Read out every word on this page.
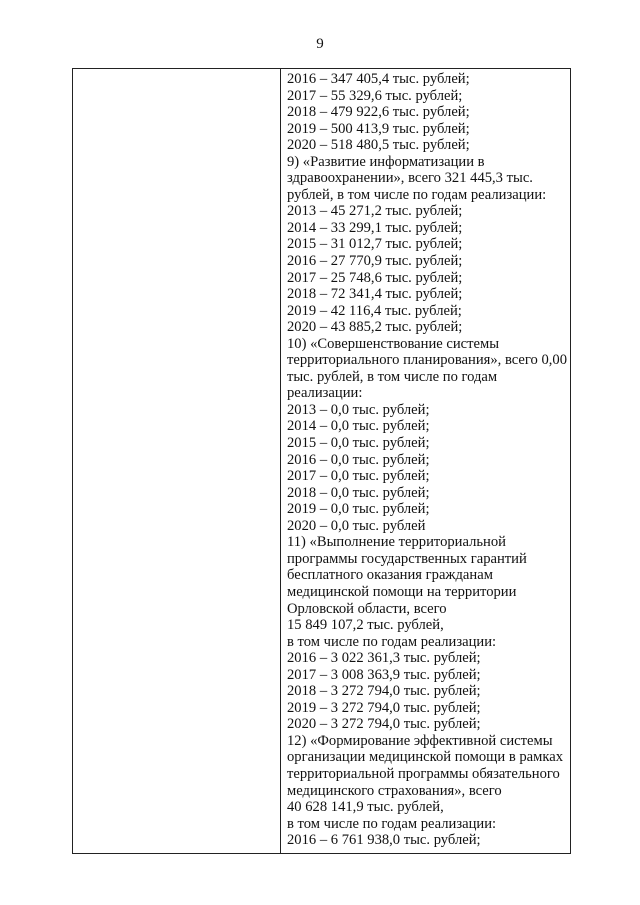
9
2016 – 347 405,4 тыс. рублей;
2017 – 55 329,6 тыс. рублей;
2018 – 479 922,6 тыс. рублей;
2019 – 500 413,9 тыс. рублей;
2020 – 518 480,5 тыс. рублей;
9) «Развитие информатизации в
здравоохранении», всего 321 445,3 тыс.
рублей, в том числе по годам реализации:
2013 – 45 271,2 тыс. рублей;
2014 – 33 299,1 тыс. рублей;
2015 – 31 012,7 тыс. рублей;
2016 – 27 770,9 тыс. рублей;
2017 – 25 748,6 тыс. рублей;
2018 – 72 341,4 тыс. рублей;
2019 – 42 116,4 тыс. рублей;
2020 – 43 885,2 тыс. рублей;
10) «Совершенствование системы
территориального планирования», всего 0,00
тыс. рублей, в том числе по годам
реализации:
2013 – 0,0 тыс. рублей;
2014 – 0,0 тыс. рублей;
2015 – 0,0 тыс. рублей;
2016 – 0,0 тыс. рублей;
2017 – 0,0 тыс. рублей;
2018 – 0,0 тыс. рублей;
2019 – 0,0 тыс. рублей;
2020 – 0,0 тыс. рублей
11) «Выполнение территориальной
программы государственных гарантий
бесплатного оказания гражданам
медицинской помощи на территории
Орловской области, всего
15 849 107,2 тыс. рублей,
в том числе по годам реализации:
2016 – 3 022 361,3 тыс. рублей;
2017 – 3 008 363,9 тыс. рублей;
2018 – 3 272 794,0 тыс. рублей;
2019 – 3 272 794,0 тыс. рублей;
2020 – 3 272 794,0 тыс. рублей;
12) «Формирование эффективной системы
организации медицинской помощи в рамках
территориальной программы обязательного
медицинского страхования», всего
40 628 141,9 тыс. рублей,
в том числе по годам реализации:
2016 – 6 761 938,0 тыс. рублей;
